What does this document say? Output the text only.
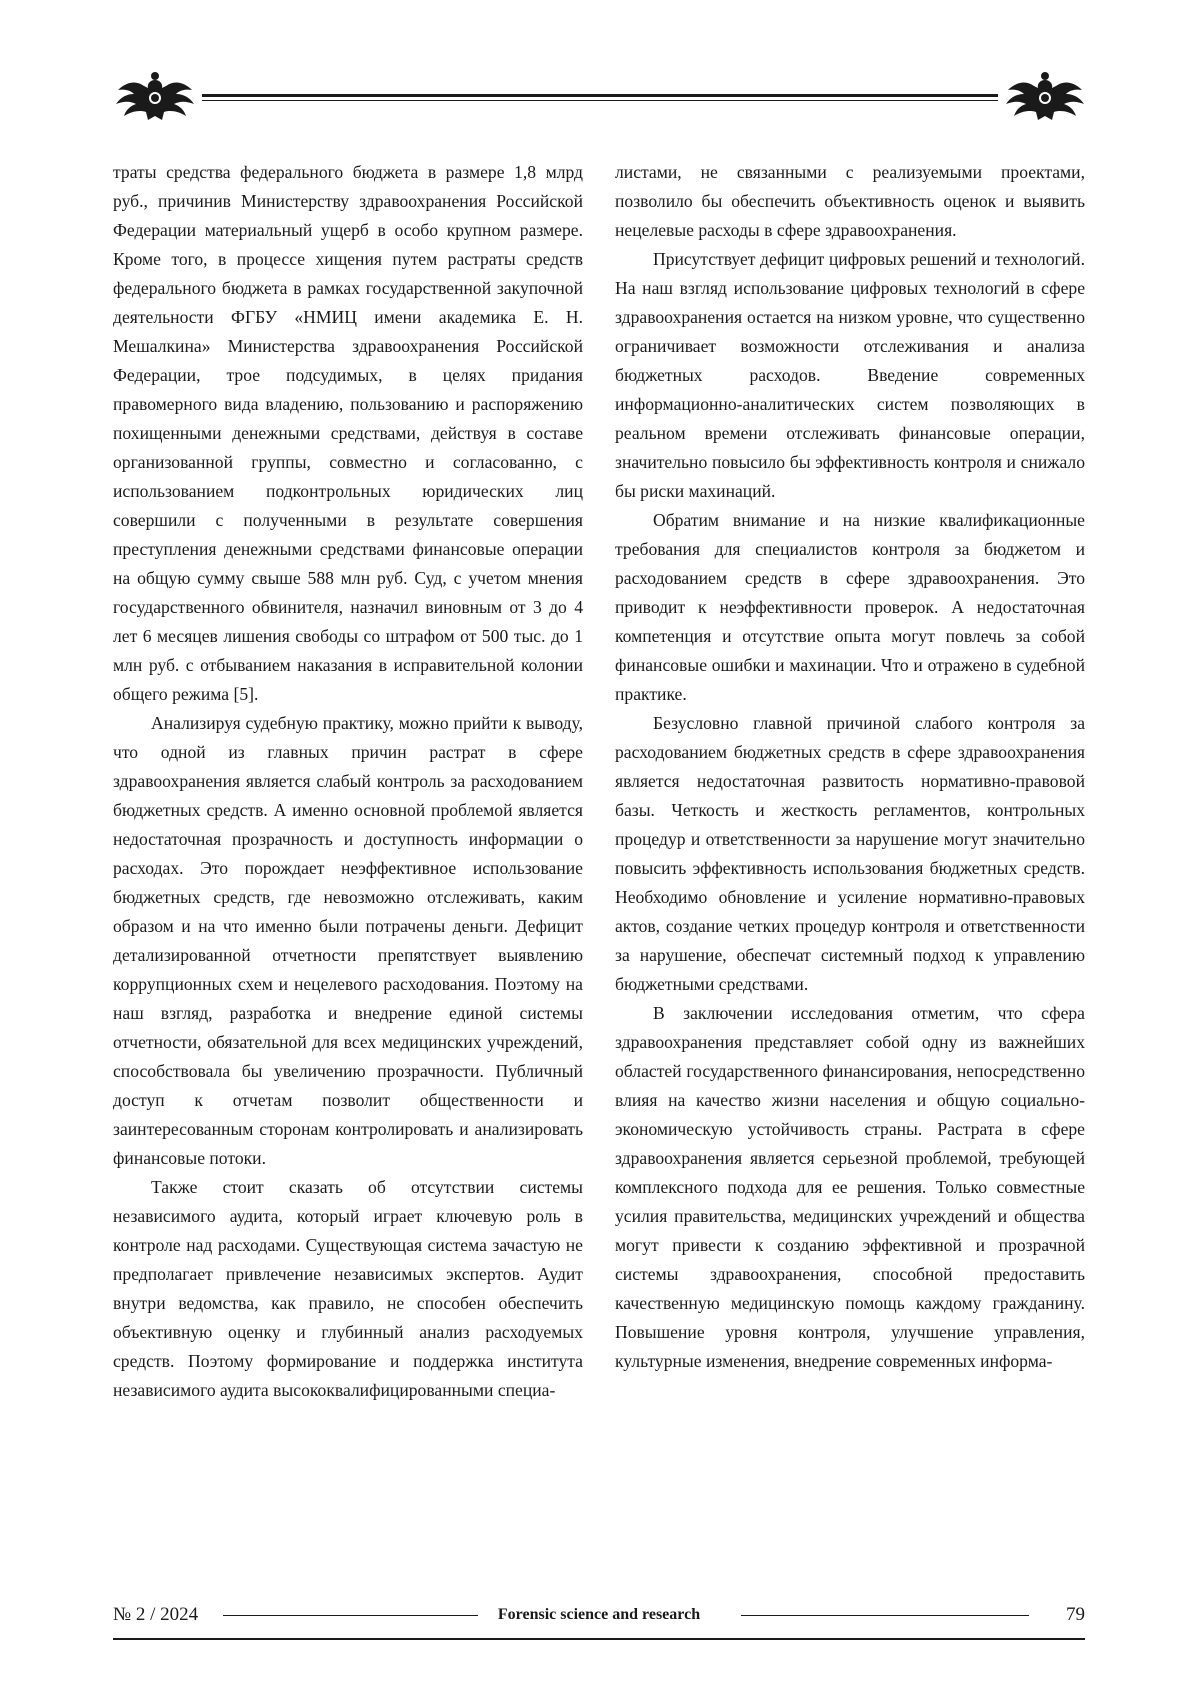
траты средства федерального бюджета в размере 1,8 млрд руб., причинив Министерству здравоохранения Российской Федерации материальный ущерб в особо крупном размере. Кроме того, в процессе хищения путем растраты средств федерального бюджета в рамках государственной закупочной деятельности ФГБУ «НМИЦ имени академика Е. Н. Мешалкина» Министерства здравоохранения Российской Федерации, трое подсудимых, в целях придания правомерного вида владению, пользованию и распоряжению похищенными денежными средствами, действуя в составе организованной группы, совместно и согласованно, с использованием подконтрольных юридических лиц совершили с полученными в результате совершения преступления денежными средствами финансовые операции на общую сумму свыше 588 млн руб. Суд, с учетом мнения государственного обвинителя, назначил виновным от 3 до 4 лет 6 месяцев лишения свободы со штрафом от 500 тыс. до 1 млн руб. с отбыванием наказания в исправительной колонии общего режима [5].

Анализируя судебную практику, можно прийти к выводу, что одной из главных причин растрат в сфере здравоохранения является слабый контроль за расходованием бюджетных средств. А именно основной проблемой является недостаточная прозрачность и доступность информации о расходах. Это порождает неэффективное использование бюджетных средств, где невозможно отслеживать, каким образом и на что именно были потрачены деньги. Дефицит детализированной отчетности препятствует выявлению коррупционных схем и нецелевого расходования. Поэтому на наш взгляд, разработка и внедрение единой системы отчетности, обязательной для всех медицинских учреждений, способствовала бы увеличению прозрачности. Публичный доступ к отчетам позволит общественности и заинтересованным сторонам контролировать и анализировать финансовые потоки.

Также стоит сказать об отсутствии системы независимого аудита, который играет ключевую роль в контроле над расходами. Существующая система зачастую не предполагает привлечение независимых экспертов. Аудит внутри ведомства, как правило, не способен обеспечить объективную оценку и глубинный анализ расходуемых средств. Поэтому формирование и поддержка института независимого аудита высококвалифицированными специа-

листами, не связанными с реализуемыми проектами, позволило бы обеспечить объективность оценок и выявить нецелевые расходы в сфере здравоохранения.

Присутствует дефицит цифровых решений и технологий. На наш взгляд использование цифровых технологий в сфере здравоохранения остается на низком уровне, что существенно ограничивает возможности отслеживания и анализа бюджетных расходов. Введение современных информационно-аналитических систем позволяющих в реальном времени отслеживать финансовые операции, значительно повысило бы эффективность контроля и снижало бы риски махинаций.

Обратим внимание и на низкие квалификационные требования для специалистов контроля за бюджетом и расходованием средств в сфере здравоохранения. Это приводит к неэффективности проверок. А недостаточная компетенция и отсутствие опыта могут повлечь за собой финансовые ошибки и махинации. Что и отражено в судебной практике.

Безусловно главной причиной слабого контроля за расходованием бюджетных средств в сфере здравоохранения является недостаточная развитость нормативно-правовой базы. Четкость и жесткость регламентов, контрольных процедур и ответственности за нарушение могут значительно повысить эффективность использования бюджетных средств. Необходимо обновление и усиление нормативно-правовых актов, создание четких процедур контроля и ответственности за нарушение, обеспечат системный подход к управлению бюджетными средствами.

В заключении исследования отметим, что сфера здравоохранения представляет собой одну из важнейших областей государственного финансирования, непосредственно влияя на качество жизни населения и общую социально-экономическую устойчивость страны. Растрата в сфере здравоохранения является серьезной проблемой, требующей комплексного подхода для ее решения. Только совместные усилия правительства, медицинских учреждений и общества могут привести к созданию эффективной и прозрачной системы здравоохранения, способной предоставить качественную медицинскую помощь каждому гражданину. Повышение уровня контроля, улучшение управления, культурные изменения, внедрение современных информа-

№ 2 / 2024	Forensic science and research	79
